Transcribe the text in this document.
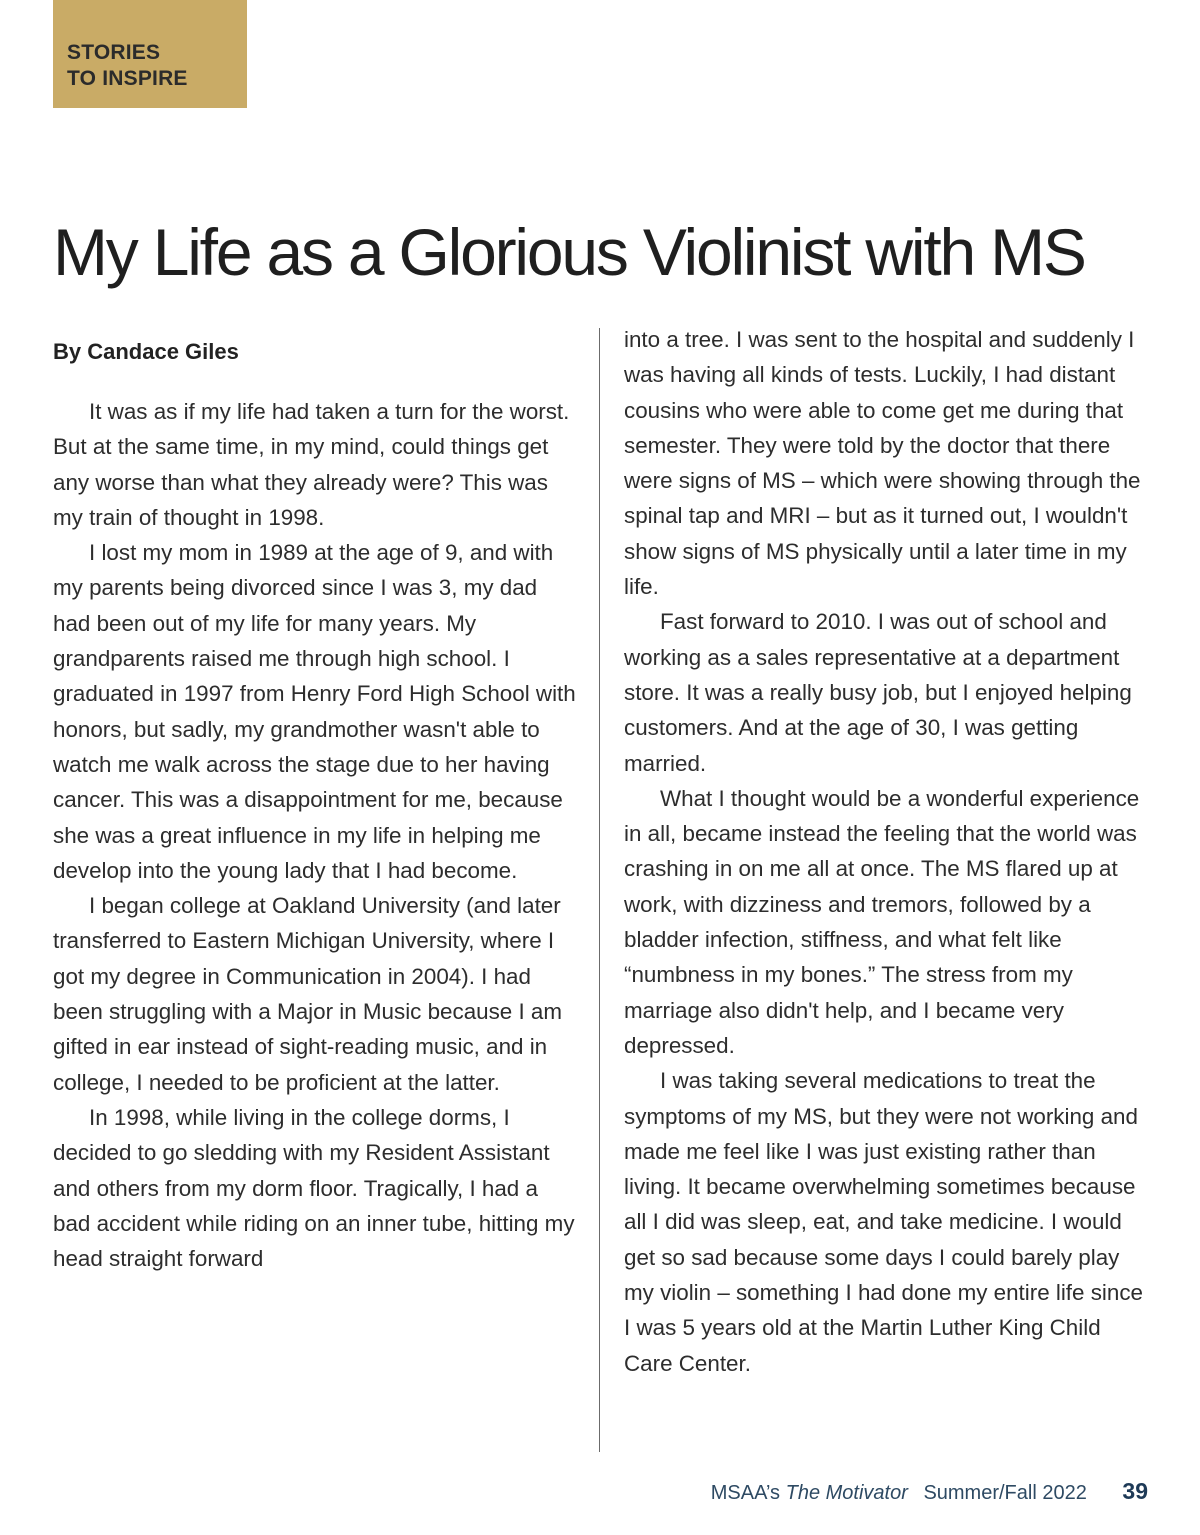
STORIES
TO INSPIRE
My Life as a Glorious Violinist with MS
By Candace Giles

It was as if my life had taken a turn for the worst. But at the same time, in my mind, could things get any worse than what they already were? This was my train of thought in 1998.

I lost my mom in 1989 at the age of 9, and with my parents being divorced since I was 3, my dad had been out of my life for many years. My grandparents raised me through high school. I graduated in 1997 from Henry Ford High School with honors, but sadly, my grandmother wasn't able to watch me walk across the stage due to her having cancer. This was a disappointment for me, because she was a great influence in my life in helping me develop into the young lady that I had become.

I began college at Oakland University (and later transferred to Eastern Michigan University, where I got my degree in Communication in 2004). I had been struggling with a Major in Music because I am gifted in ear instead of sight-reading music, and in college, I needed to be proficient at the latter.

In 1998, while living in the college dorms, I decided to go sledding with my Resident Assistant and others from my dorm floor. Tragically, I had a bad accident while riding on an inner tube, hitting my head straight forward

into a tree. I was sent to the hospital and suddenly I was having all kinds of tests. Luckily, I had distant cousins who were able to come get me during that semester. They were told by the doctor that there were signs of MS – which were showing through the spinal tap and MRI – but as it turned out, I wouldn't show signs of MS physically until a later time in my life.

Fast forward to 2010. I was out of school and working as a sales representative at a department store. It was a really busy job, but I enjoyed helping customers. And at the age of 30, I was getting married.

What I thought would be a wonderful experience in all, became instead the feeling that the world was crashing in on me all at once. The MS flared up at work, with dizziness and tremors, followed by a bladder infection, stiffness, and what felt like “numbness in my bones.” The stress from my marriage also didn't help, and I became very depressed.

I was taking several medications to treat the symptoms of my MS, but they were not working and made me feel like I was just existing rather than living. It became overwhelming sometimes because all I did was sleep, eat, and take medicine. I would get so sad because some days I could barely play my violin – something I had done my entire life since I was 5 years old at the Martin Luther King Child Care Center.

MSAA’s The Motivator Summer/Fall 2022 39
